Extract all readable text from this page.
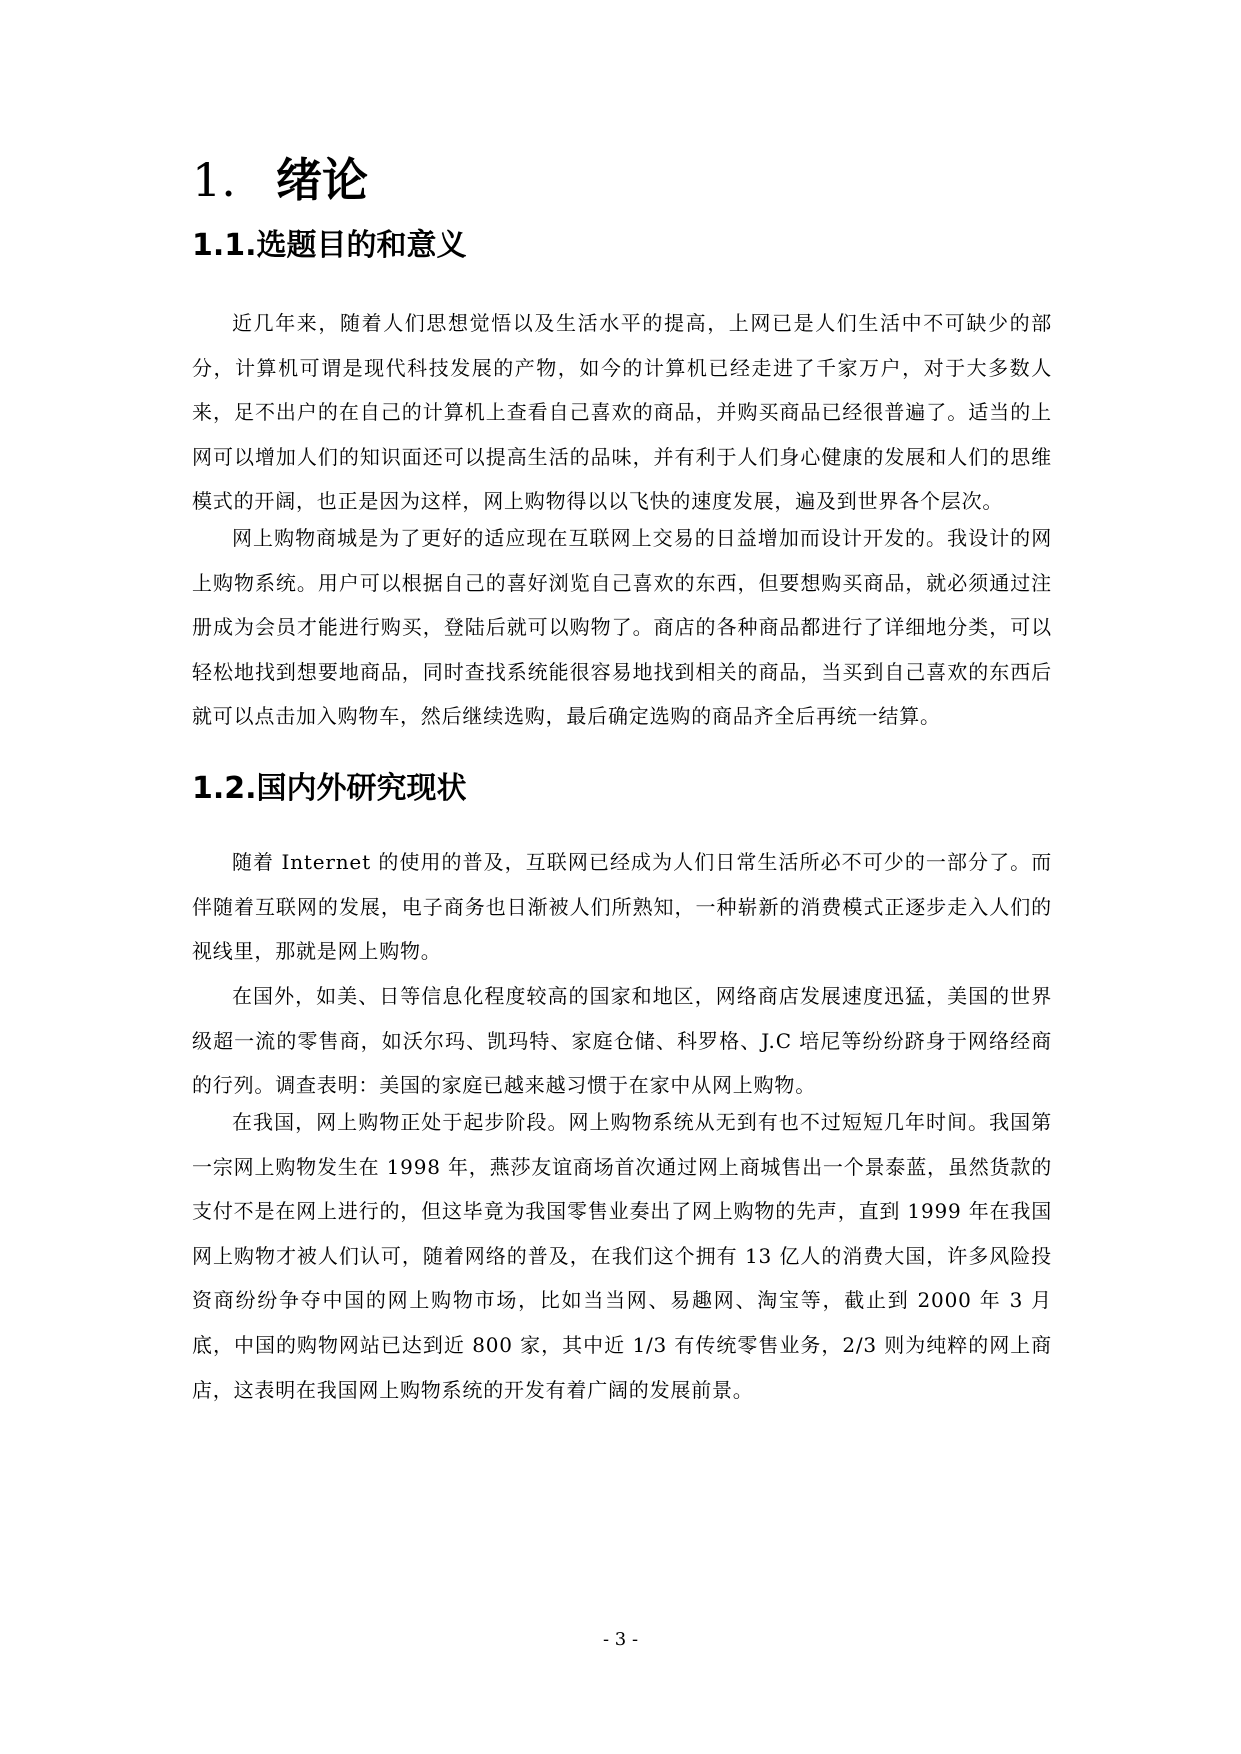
1. 绪论
1.1.选题目的和意义

近几年来，随着人们思想觉悟以及生活水平的提高，上网已是人们生活中不可缺少的部分，计算机可谓是现代科技发展的产物，如今的计算机已经走进了千家万户，对于大多数人来，足不出户的在自己的计算机上查看自己喜欢的商品，并购买商品已经很普遍了。适当的上网可以增加人们的知识面还可以提高生活的品味，并有利于人们身心健康的发展和人们的思维模式的开阔，也正是因为这样，网上购物得以以飞快的速度发展，遍及到世界各个层次。

网上购物商城是为了更好的适应现在互联网上交易的日益增加而设计开发的。我设计的网上购物系统。用户可以根据自己的喜好浏览自己喜欢的东西，但要想购买商品，就必须通过注册成为会员才能进行购买，登陆后就可以购物了。商店的各种商品都进行了详细地分类，可以轻松地找到想要地商品，同时查找系统能很容易地找到相关的商品，当买到自己喜欢的东西后就可以点击加入购物车，然后继续选购，最后确定选购的商品齐全后再统一结算。

1.2.国内外研究现状

随着 Internet 的使用的普及，互联网已经成为人们日常生活所必不可少的一部分了。而伴随着互联网的发展，电子商务也日渐被人们所熟知，一种崭新的消费模式正逐步走入人们的视线里，那就是网上购物。

在国外，如美、日等信息化程度较高的国家和地区，网络商店发展速度迅猛，美国的世界级超一流的零售商，如沃尔玛、凯玛特、家庭仓储、科罗格、J.C 培尼等纷纷跻身于网络经商的行列。调查表明：美国的家庭已越来越习惯于在家中从网上购物。

在我国，网上购物正处于起步阶段。网上购物系统从无到有也不过短短几年时间。我国第一宗网上购物发生在 1998 年，燕莎友谊商场首次通过网上商城售出一个景泰蓝，虽然货款的支付不是在网上进行的，但这毕竟为我国零售业奏出了网上购物的先声，直到 1999 年在我国网上购物才被人们认可，随着网络的普及，在我们这个拥有 13 亿人的消费大国，许多风险投资商纷纷争夺中国的网上购物市场，比如当当网、易趣网、淘宝等，截止到 2000 年 3 月底，中国的购物网站已达到近 800 家，其中近 1/3 有传统零售业务，2/3 则为纯粹的网上商店，这表明在我国网上购物系统的开发有着广阔的发展前景。

- 3 -
